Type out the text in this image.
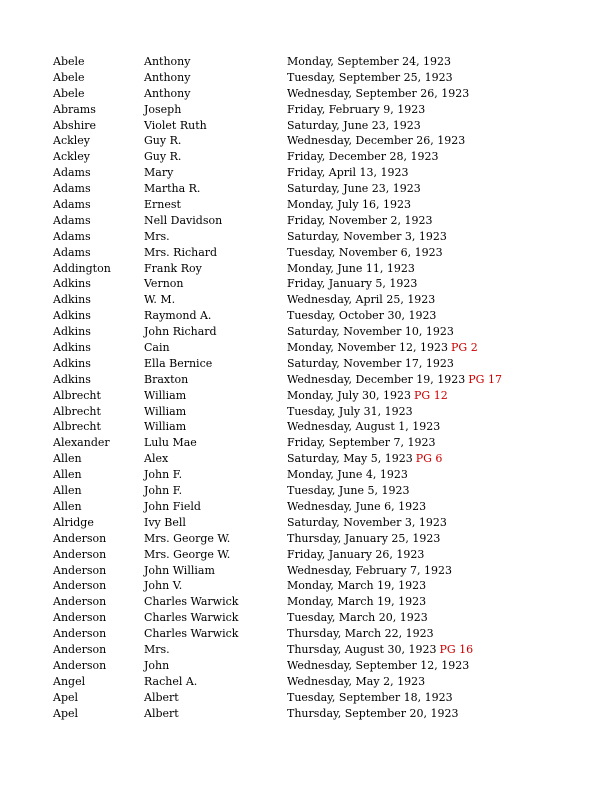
Abele	Anthony	Monday, September 24, 1923
Abele	Anthony	Tuesday, September 25, 1923
Abele	Anthony	Wednesday, September 26, 1923
Abrams	Joseph	Friday, February 9, 1923
Abshire	Violet Ruth	Saturday, June 23, 1923
Ackley	Guy R.	Wednesday, December 26, 1923
Ackley	Guy R.	Friday, December 28, 1923
Adams	Mary	Friday, April 13, 1923
Adams	Martha R.	Saturday, June 23, 1923
Adams	Ernest	Monday, July 16, 1923
Adams	Nell Davidson	Friday, November 2, 1923
Adams	Mrs.	Saturday, November 3, 1923
Adams	Mrs. Richard	Tuesday, November 6, 1923
Addington	Frank Roy	Monday, June 11, 1923
Adkins	Vernon	Friday, January 5, 1923
Adkins	W. M.	Wednesday, April 25, 1923
Adkins	Raymond A.	Tuesday, October 30, 1923
Adkins	John Richard	Saturday, November 10, 1923
Adkins	Cain	Monday, November 12, 1923 PG 2
Adkins	Ella Bernice	Saturday, November 17, 1923
Adkins	Braxton	Wednesday, December 19, 1923 PG 17
Albrecht	William	Monday, July 30, 1923 PG 12
Albrecht	William	Tuesday, July 31, 1923
Albrecht	William	Wednesday, August 1, 1923
Alexander	Lulu Mae	Friday, September 7, 1923
Allen	Alex	Saturday, May 5, 1923 PG 6
Allen	John F.	Monday, June 4, 1923
Allen	John F.	Tuesday, June 5, 1923
Allen	John Field	Wednesday, June 6, 1923
Alridge	Ivy Bell	Saturday, November 3, 1923
Anderson	Mrs. George W.	Thursday, January 25, 1923
Anderson	Mrs. George W.	Friday, January 26, 1923
Anderson	John William	Wednesday, February 7, 1923
Anderson	John V.	Monday, March 19, 1923
Anderson	Charles Warwick	Monday, March 19, 1923
Anderson	Charles Warwick	Tuesday, March 20, 1923
Anderson	Charles Warwick	Thursday, March 22, 1923
Anderson	Mrs.	Thursday, August 30, 1923 PG 16
Anderson	John	Wednesday, September 12, 1923
Angel	Rachel A.	Wednesday, May 2, 1923
Apel	Albert	Tuesday, September 18, 1923
Apel	Albert	Thursday, September 20, 1923
